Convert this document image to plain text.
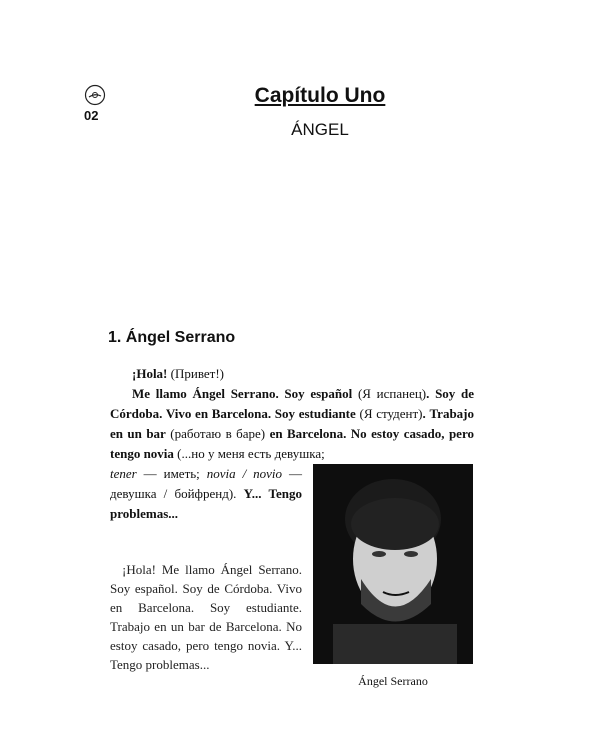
02
Capítulo Uno
ÁNGEL
1. Ángel Serrano

¡Hola! (Привет!)

Me llamo Ángel Serrano. Soy español (Я испанец). Soy de Córdoba. Vivo en Barcelona. Soy estudiante (Я студент). Trabajo en un bar (работаю в баре) en Barcelona. No estoy casado, pero tengo novia (...но у меня есть девушка;

tener — иметь; novia / novio — девушка / бойфренд). Y... Tengo problemas...

¡Hola! Me llamo Ángel Serrano. Soy español. Soy de Córdoba. Vivo en Barcelona. Soy estudiante. Trabajo en un bar de Barcelona. No estoy casado, pero tengo novia. Y... Tengo problemas...

Ángel Serrano
